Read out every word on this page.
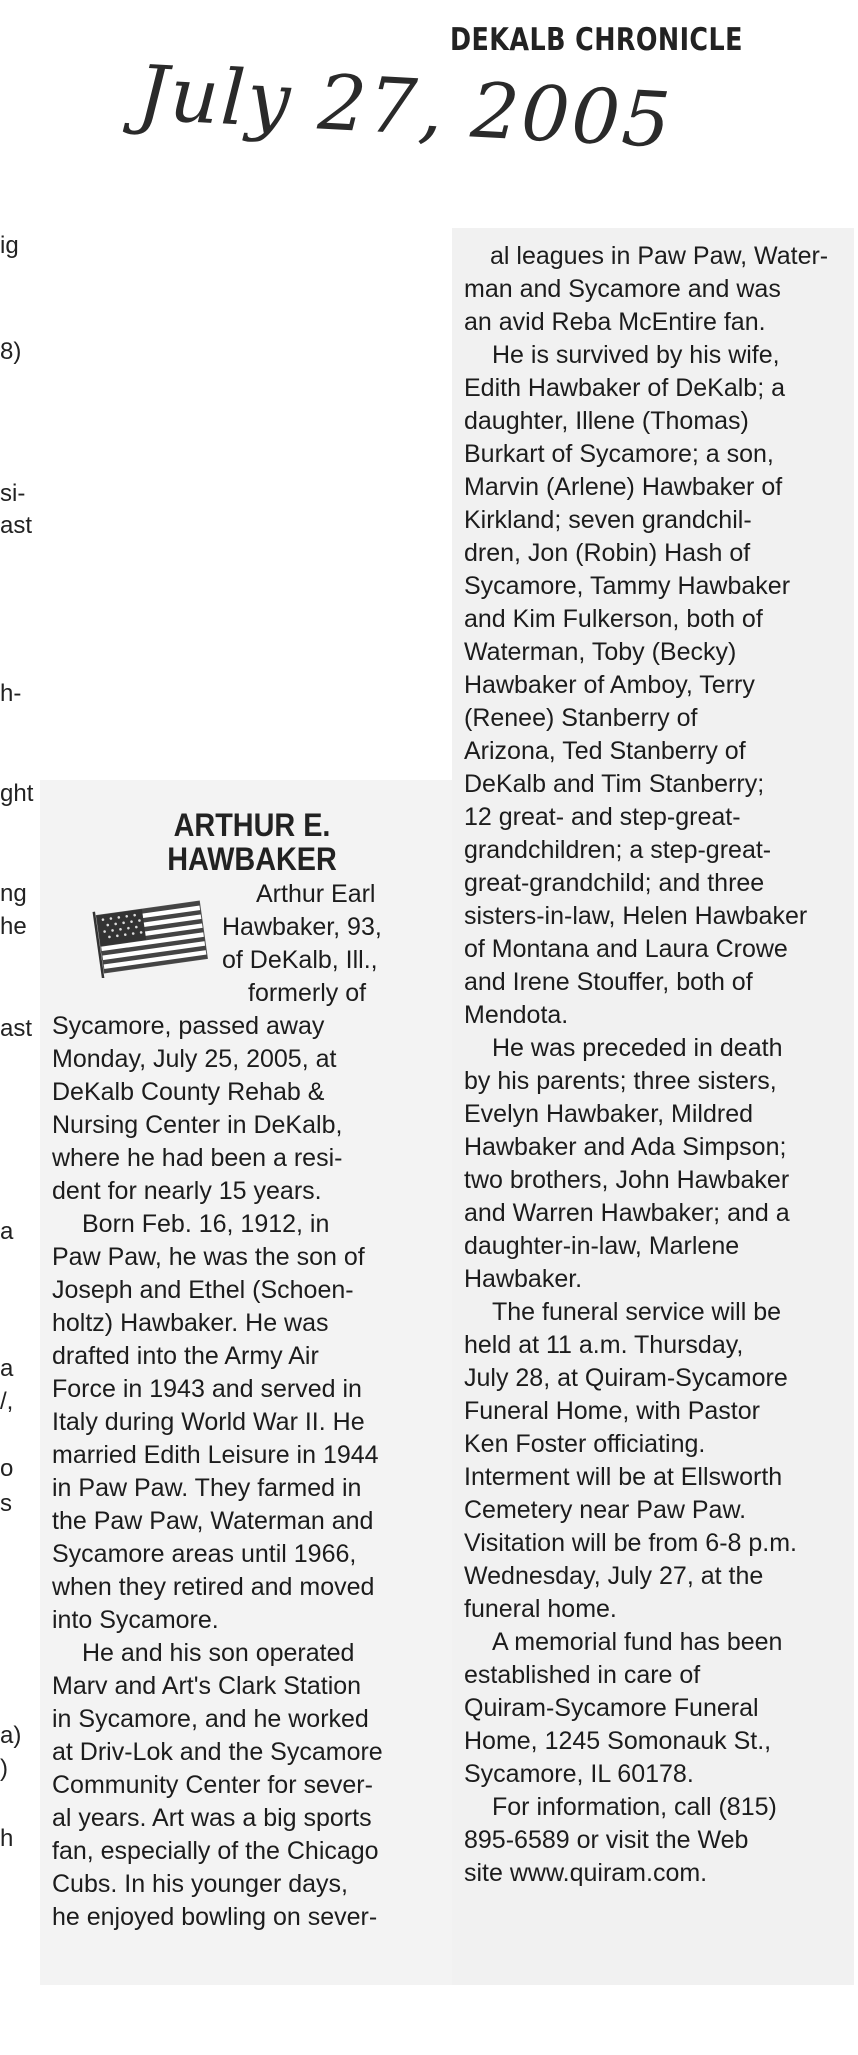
DEKALB CHRONICLE
July 27, 2005
ig
8)
si-
ast
h-
ght
ng
he
ast
a
a
/,
o
s
a)
)
h
ARTHUR E.
HAWBAKER
Arthur Earl
Hawbaker, 93,
of DeKalb, Ill.,
formerly of
Sycamore, passed away
Monday, July 25, 2005, at
DeKalb County Rehab &
Nursing Center in DeKalb,
where he had been a resi-
dent for nearly 15 years.
Born Feb. 16, 1912, in
Paw Paw, he was the son of
Joseph and Ethel (Schoen-
holtz) Hawbaker. He was
drafted into the Army Air
Force in 1943 and served in
Italy during World War II. He
married Edith Leisure in 1944
in Paw Paw. They farmed in
the Paw Paw, Waterman and
Sycamore areas until 1966,
when they retired and moved
into Sycamore.
He and his son operated
Marv and Art's Clark Station
in Sycamore, and he worked
at Driv-Lok and the Sycamore
Community Center for sever-
al years. Art was a big sports
fan, especially of the Chicago
Cubs. In his younger days,
he enjoyed bowling on sever-
al leagues in Paw Paw, Water-
man and Sycamore and was
an avid Reba McEntire fan.
He is survived by his wife,
Edith Hawbaker of DeKalb; a
daughter, Illene (Thomas)
Burkart of Sycamore; a son,
Marvin (Arlene) Hawbaker of
Kirkland; seven grandchil-
dren, Jon (Robin) Hash of
Sycamore, Tammy Hawbaker
and Kim Fulkerson, both of
Waterman, Toby (Becky)
Hawbaker of Amboy, Terry
(Renee) Stanberry of
Arizona, Ted Stanberry of
DeKalb and Tim Stanberry;
12 great- and step-great-
grandchildren; a step-great-
great-grandchild; and three
sisters-in-law, Helen Hawbaker
of Montana and Laura Crowe
and Irene Stouffer, both of
Mendota.
He was preceded in death
by his parents; three sisters,
Evelyn Hawbaker, Mildred
Hawbaker and Ada Simpson;
two brothers, John Hawbaker
and Warren Hawbaker; and a
daughter-in-law, Marlene
Hawbaker.
The funeral service will be
held at 11 a.m. Thursday,
July 28, at Quiram-Sycamore
Funeral Home, with Pastor
Ken Foster officiating.
Interment will be at Ellsworth
Cemetery near Paw Paw.
Visitation will be from 6-8 p.m.
Wednesday, July 27, at the
funeral home.
A memorial fund has been
established in care of
Quiram-Sycamore Funeral
Home, 1245 Somonauk St.,
Sycamore, IL 60178.
For information, call (815)
895-6589 or visit the Web
site www.quiram.com.
